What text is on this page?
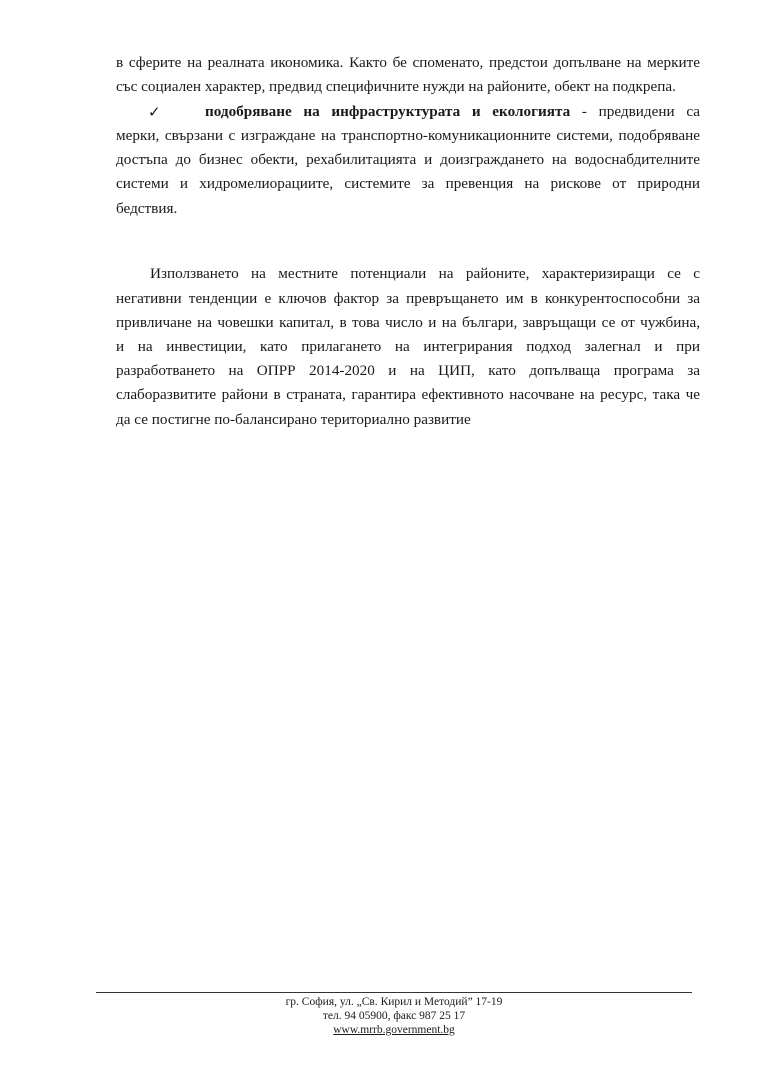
в сферите на реалната икономика. Както бе споменато, предстои допълване на мерките
със социален характер, предвид специфичните нужди на районите, обект на подкрепа.
✓	подобряване на инфраструктурата и екологията - предвидени са
мерки, свързани с изграждане на транспортно-комуникационните системи, подобряване
достъпа до бизнес обекти, рехабилитацията и доизграждането на водоснабдителните
системи и хидромелиорациите, системите за превенция на рискове от природни
бедствия.
Използването на местните потенциали на районите, характеризиращи се с
негативни тенденции е ключов фактор за превръщането им в конкурентоспособни за
привличане на човешки капитал, в това число и на българи, завръщащи се от чужбина,
и на инвестиции, като прилагането на интегрирания подход залегнал и при
разработването на ОПРР 2014-2020 и на ЦИП, като допълваща програма за
слаборазвитите райони в страната, гарантира ефективното насочване на ресурс, така че
да се постигне по-балансирано териториално развитие
гр. София, ул. „Св. Кирил и Методий” 17-19
тел. 94 05900, факс 987 25 17
www.mrrb.government.bg
